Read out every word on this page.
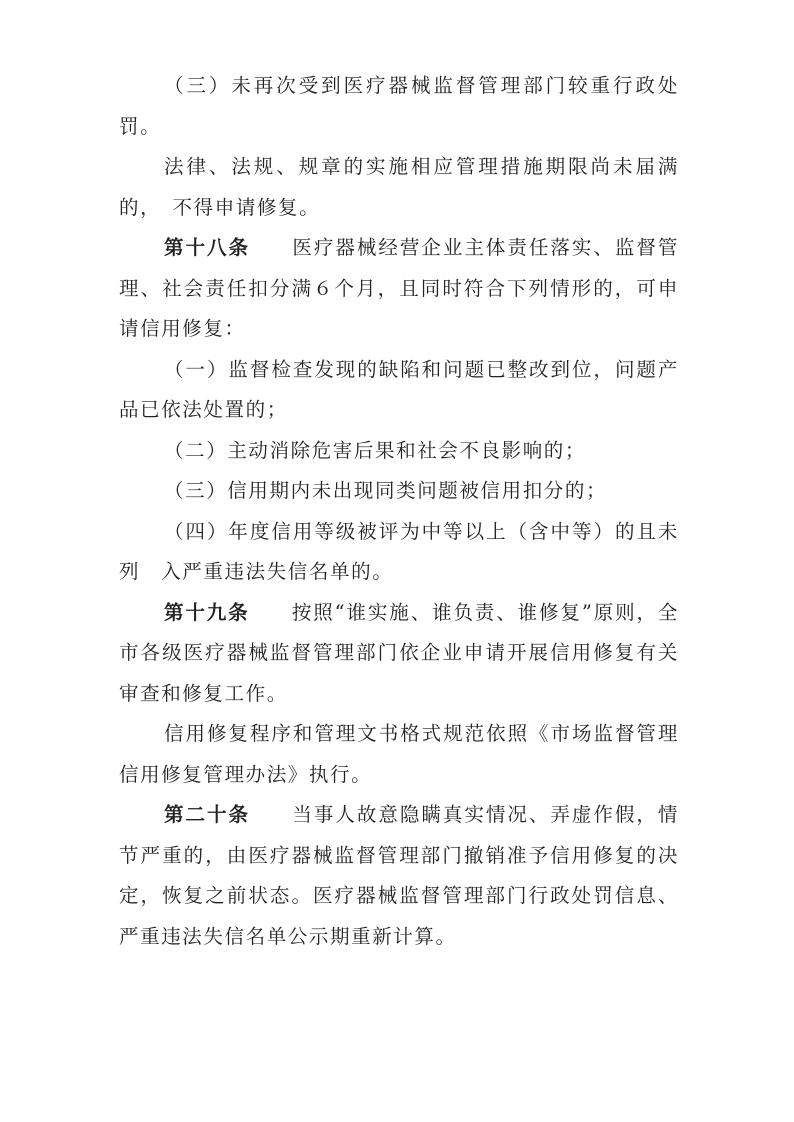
（三）未再次受到医疗器械监督管理部门较重行政处罚。

法律、法规、规章的实施相应管理措施期限尚未届满的，　不得申请修复。

第十八条 医疗器械经营企业主体责任落实、监督管理、社会责任扣分满６个月，且同时符合下列情形的，可申请信用修复：

（一）监督检查发现的缺陷和问题已整改到位，问题产品已依法处置的；

（二）主动消除危害后果和社会不良影响的；

（三）信用期内未出现同类问题被信用扣分的；

（四）年度信用等级被评为中等以上（含中等）的且未列　入严重违法失信名单的。

第十九条 按照“谁实施、谁负责、谁修复”原则，全市各级医疗器械监督管理部门依企业申请开展信用修复有关审查和修复工作。

信用修复程序和管理文书格式规范依照《市场监督管理信用修复管理办法》执行。

第二十条 当事人故意隐瞒真实情况、弄虚作假，情节严重的，由医疗器械监督管理部门撤销准予信用修复的决定，恢复之前状态。医疗器械监督管理部门行政处罚信息、严重违法失信名单公示期重新计算。
